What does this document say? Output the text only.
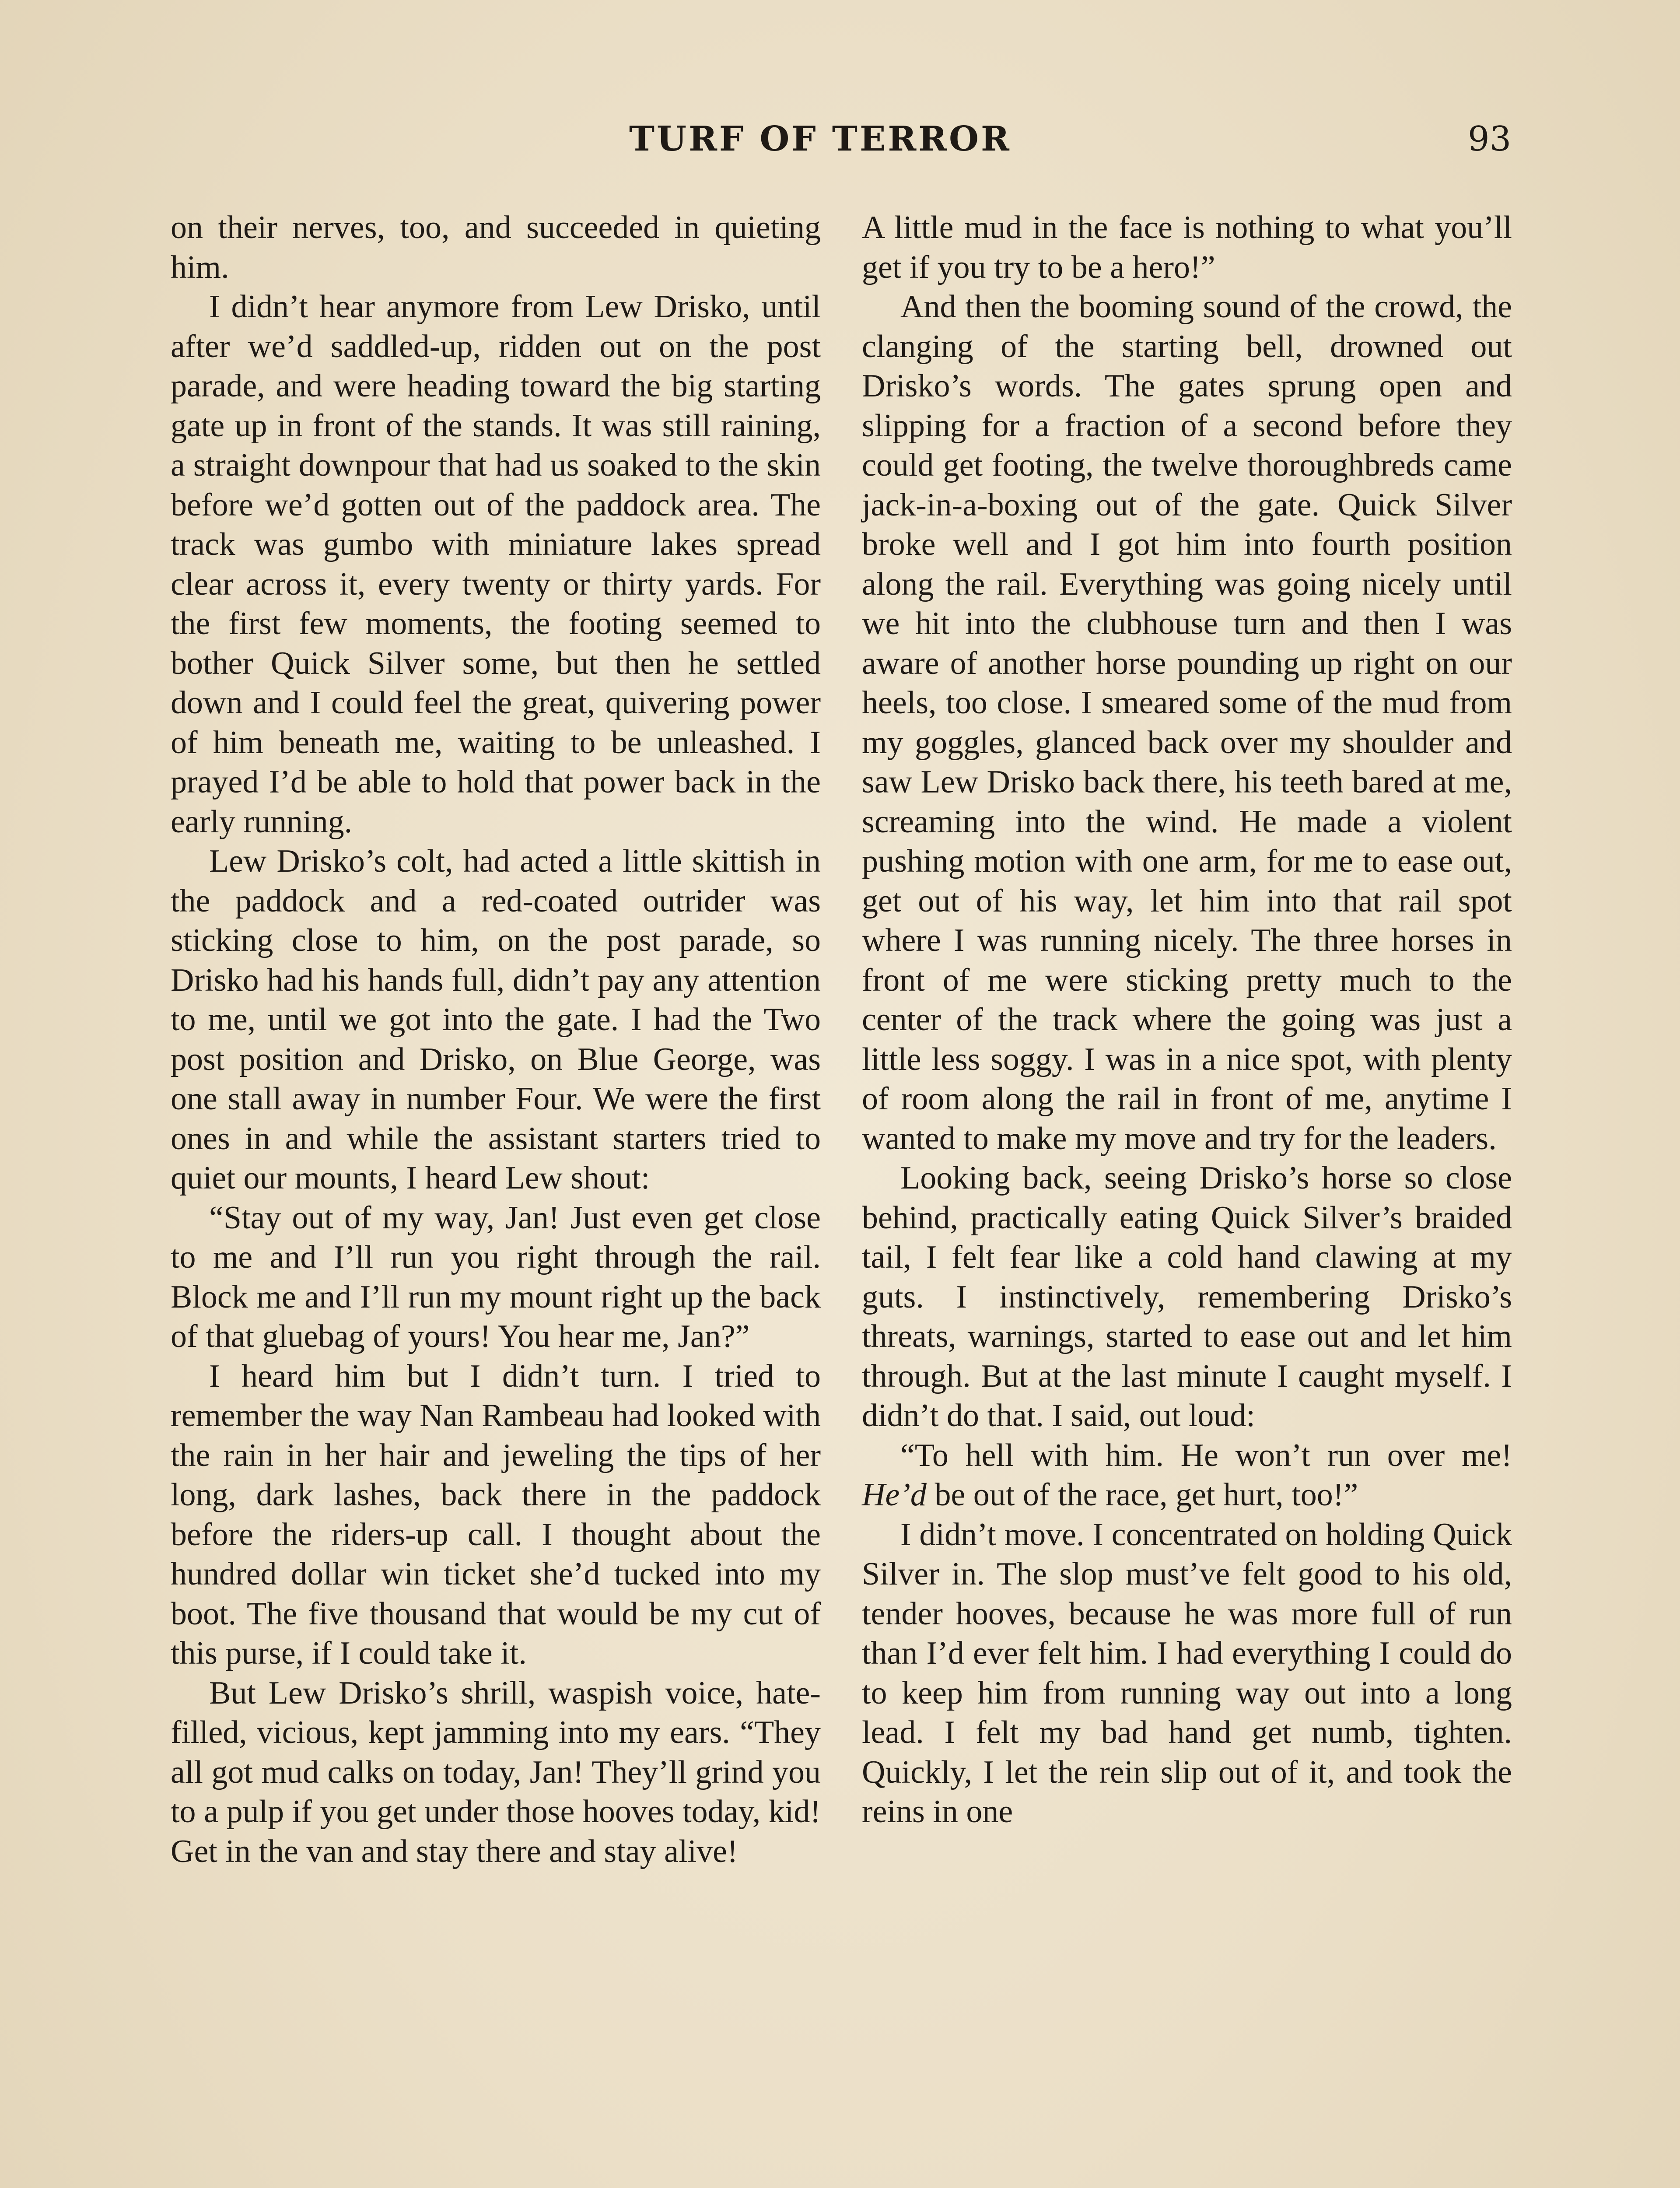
TURF OF TERROR	93

on their nerves, too, and succeeded in quieting him.

I didn’t hear anymore from Lew Drisko, until after we’d saddled-up, ridden out on the post parade, and were heading toward the big starting gate up in front of the stands. It was still raining, a straight downpour that had us soaked to the skin before we’d gotten out of the paddock area. The track was gumbo with miniature lakes spread clear across it, every twenty or thirty yards. For the first few moments, the footing seemed to bother Quick Silver some, but then he settled down and I could feel the great, quivering power of him beneath me, waiting to be unleashed. I prayed I’d be able to hold that power back in the early running.

Lew Drisko’s colt, had acted a little skittish in the paddock and a red-coated outrider was sticking close to him, on the post parade, so Drisko had his hands full, didn’t pay any attention to me, until we got into the gate. I had the Two post position and Drisko, on Blue George, was one stall away in number Four. We were the first ones in and while the assistant starters tried to quiet our mounts, I heard Lew shout:

“Stay out of my way, Jan! Just even get close to me and I’ll run you right through the rail. Block me and I’ll run my mount right up the back of that gluebag of yours! You hear me, Jan?”

I heard him but I didn’t turn. I tried to remember the way Nan Rambeau had looked with the rain in her hair and jeweling the tips of her long, dark lashes, back there in the paddock before the riders-up call. I thought about the hundred dollar win ticket she’d tucked into my boot. The five thousand that would be my cut of this purse, if I could take it.

But Lew Drisko’s shrill, waspish voice, hate-filled, vicious, kept jamming into my ears. “They all got mud calks on today, Jan! They’ll grind you to a pulp if you get under those hooves today, kid! Get in the van and stay there and stay alive!

A little mud in the face is nothing to what you’ll get if you try to be a hero!”

And then the booming sound of the crowd, the clanging of the starting bell, drowned out Drisko’s words. The gates sprung open and slipping for a fraction of a second before they could get footing, the twelve thoroughbreds came jack-in-a-boxing out of the gate. Quick Silver broke well and I got him into fourth position along the rail. Everything was going nicely until we hit into the clubhouse turn and then I was aware of another horse pounding up right on our heels, too close. I smeared some of the mud from my goggles, glanced back over my shoulder and saw Lew Drisko back there, his teeth bared at me, screaming into the wind. He made a violent pushing motion with one arm, for me to ease out, get out of his way, let him into that rail spot where I was running nicely. The three horses in front of me were sticking pretty much to the center of the track where the going was just a little less soggy. I was in a nice spot, with plenty of room along the rail in front of me, anytime I wanted to make my move and try for the leaders.

Looking back, seeing Drisko’s horse so close behind, practically eating Quick Silver’s braided tail, I felt fear like a cold hand clawing at my guts. I instinctively, remembering Drisko’s threats, warnings, started to ease out and let him through. But at the last minute I caught myself. I didn’t do that. I said, out loud:

“To hell with him. He won’t run over me! He’d be out of the race, get hurt, too!”

I didn’t move. I concentrated on holding Quick Silver in. The slop must’ve felt good to his old, tender hooves, because he was more full of run than I’d ever felt him. I had everything I could do to keep him from running way out into a long lead. I felt my bad hand get numb, tighten. Quickly, I let the rein slip out of it, and took the reins in one
